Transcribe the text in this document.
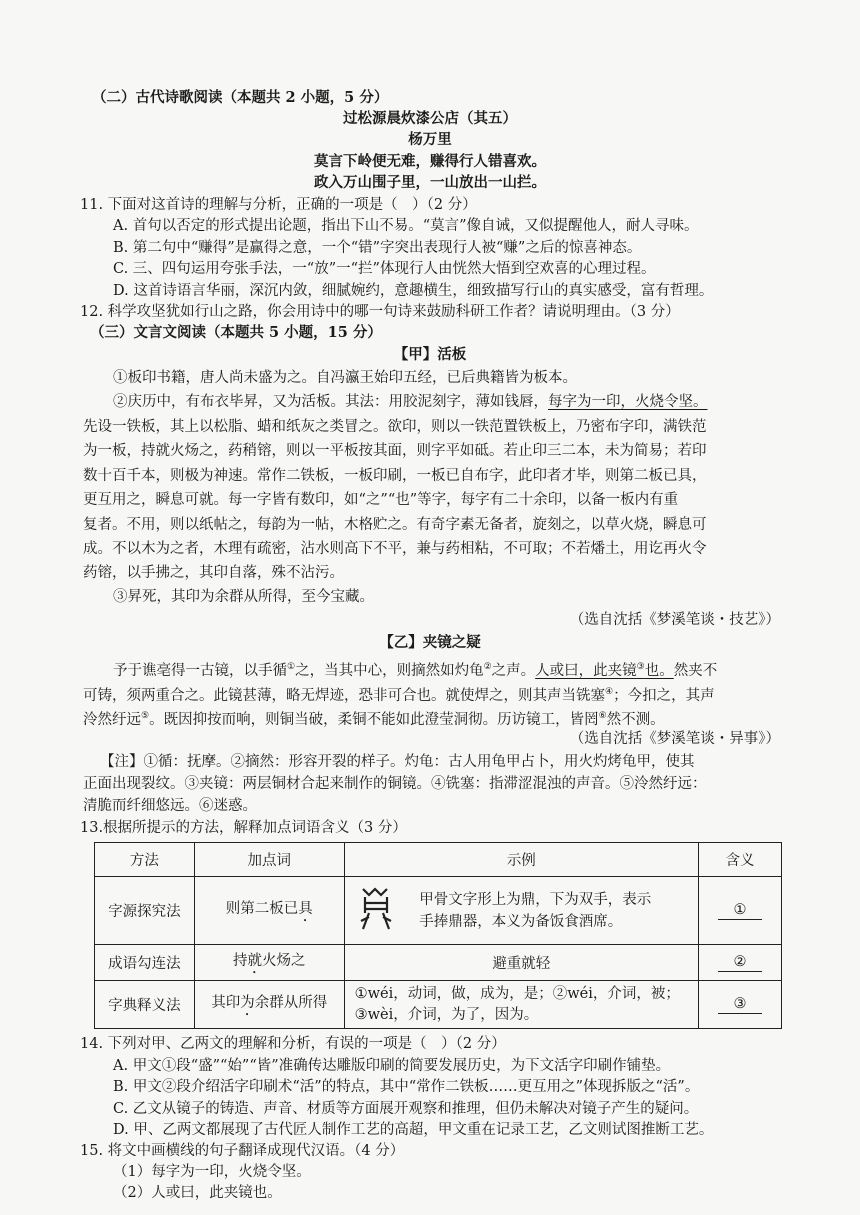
（二）古代诗歌阅读（本题共 2 小题，5 分）
过松源晨炊漆公店（其五）
杨万里
莫言下岭便无难，赚得行人错喜欢。
政入万山围子里，一山放出一山拦。
11. 下面对这首诗的理解与分析，正确的一项是（　）（2 分）
A. 首句以否定的形式提出论题，指出下山不易。“莫言”像自诫，又似提醒他人，耐人寻味。
B. 第二句中“赚得”是赢得之意，一个“错”字突出表现行人被“赚”之后的惊喜神态。
C. 三、四句运用夸张手法，一“放”一“拦”体现行人由恍然大悟到空欢喜的心理过程。
D. 这首诗语言华丽，深沉内敛，细腻婉约，意趣横生，细致描写行山的真实感受，富有哲理。
12. 科学攻坚犹如行山之路，你会用诗中的哪一句诗来鼓励科研工作者？请说明理由。（3 分）
（三）文言文阅读（本题共 5 小题，15 分）
【甲】活板
①板印书籍，唐人尚未盛为之。自冯瀛王始印五经，已后典籍皆为板本。
②庆历中，有布衣毕昇，又为活板。其法：用胶泥刻字，薄如钱唇，每字为一印，火烧令坚。
先设一铁板，其上以松脂、蜡和纸灰之类冒之。欲印，则以一铁范置铁板上，乃密布字印，满铁范
为一板，持就火炀之，药稍镕，则以一平板按其面，则字平如砥。若止印三二本，未为简易；若印
数十百千本，则极为神速。常作二铁板，一板印刷，一板已自布字，此印者才毕，则第二板已具，
更互用之，瞬息可就。每一字皆有数印，如“之”“也”等字，每字有二十余印，以备一板内有重
复者。不用，则以纸帖之，每韵为一帖，木格贮之。有奇字素无备者，旋刻之，以草火烧，瞬息可
成。不以木为之者，木理有疏密，沾水则高下不平，兼与药相粘，不可取；不若燔土，用讫再火令
药镕，以手拂之，其印自落，殊不沾污。
③昇死，其印为余群从所得，至今宝藏。
（选自沈括《梦溪笔谈・技艺》）
【乙】夹镜之疑
予于谯亳得一古镜，以手循①之，当其中心，则摘然如灼龟②之声。人或曰，此夹镜③也。然夹不
可铸，须两重合之。此镜甚薄，略无焊迹，恐非可合也。就使焊之，则其声当铣塞④；今扣之，其声
泠然纡远⑤。既因抑按而响，则铜当破，柔铜不能如此澄莹洞彻。历访镜工，皆罔⑥然不测。
（选自沈括《梦溪笔谈・异事》）
【注】①循：抚摩。②摘然：形容开裂的样子。灼龟：古人用龟甲占卜，用火灼烤龟甲，使其
正面出现裂纹。③夹镜：两层铜材合起来制作的铜镜。④铣塞：指滞涩混浊的声音。⑤泠然纡远：
清脆而纤细悠远。⑥迷惑。
13.根据所提示的方法，解释加点词语含义（3 分）
方法	加点词	示例	含义
字源探究法	则第二板已具	甲骨文字形上为鼎，下为双手，表示
手捧鼎器，本义为备饭食酒席。	①
成语勾连法	持就火炀之	避重就轻	②
字典释义法	其印为余群从所得	①wéi，动词，做，成为，是；②wéi，介词，被；
③wèi，介词，为了，因为。	③
14. 下列对甲、乙两文的理解和分析，有误的一项是（　）（2 分）
A. 甲文①段“盛”“始”“皆”准确传达雕版印刷的简要发展历史，为下文活字印刷作铺垫。
B. 甲文②段介绍活字印刷术“活”的特点，其中“常作二铁板……更互用之”体现拆版之“活”。
C. 乙文从镜子的铸造、声音、材质等方面展开观察和推理，但仍未解决对镜子产生的疑问。
D. 甲、乙两文都展现了古代匠人制作工艺的高超，甲文重在记录工艺，乙文则试图推断工艺。
15. 将文中画横线的句子翻译成现代汉语。（4 分）
（1）每字为一印，火烧令坚。
（2）人或曰，此夹镜也。
